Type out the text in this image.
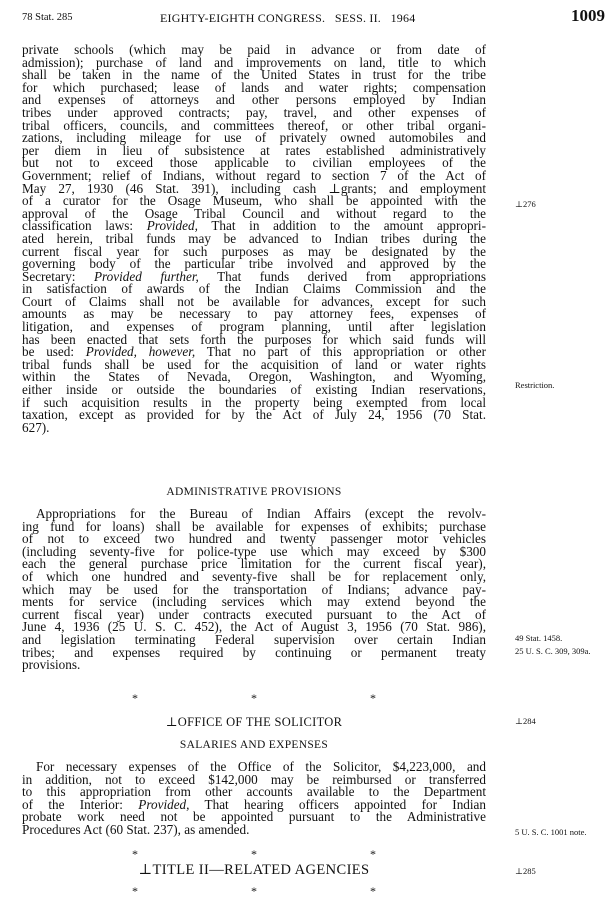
78 Stat. 285	EIGHTY-EIGHTH CONGRESS.   SESS. II.   1964	1009
private schools (which may be paid in advance or from date of
admission); purchase of land and improvements on land, title to which
shall be taken in the name of the United States in trust for the tribe
for which purchased; lease of lands and water rights; compensation
and expenses of attorneys and other persons employed by Indian
tribes under approved contracts; pay, travel, and other expenses of
tribal officers, councils, and committees thereof, or other tribal organi-
zations, including mileage for use of privately owned automobiles and
per diem in lieu of subsistence at rates established administratively
but not to exceed those applicable to civilian employees of the
Government; relief of Indians, without regard to section 7 of the Act of
May 27, 1930 (46 Stat. 391), including cash ⊥grants; and employment
of a curator for the Osage Museum, who shall be appointed with the
approval of the Osage Tribal Council and without regard to the
classification laws: Provided, That in addition to the amount appropri-
ated herein, tribal funds may be advanced to Indian tribes during the
current fiscal year for such purposes as may be designated by the
governing body of the particular tribe involved and approved by the
Secretary: Provided further, That funds derived from appropriations
in satisfaction of awards of the Indian Claims Commission and the
Court of Claims shall not be available for advances, except for such
amounts as may be necessary to pay attorney fees, expenses of
litigation, and expenses of program planning, until after legislation
has been enacted that sets forth the purposes for which said funds will
be used: Provided, however, That no part of this appropriation or other
tribal funds shall be used for the acquisition of land or water rights
within the States of Nevada, Oregon, Washington, and Wyoming,
either inside or outside the boundaries of existing Indian reservations,
if such acquisition results in the property being exempted from local
taxation, except as provided for by the Act of July 24, 1956 (70 Stat.
627).
ADMINISTRATIVE PROVISIONS
Appropriations for the Bureau of Indian Affairs (except the revolv-
ing fund for loans) shall be available for expenses of exhibits; purchase
of not to exceed two hundred and twenty passenger motor vehicles
(including seventy-five for police-type use which may exceed by $300
each the general purchase price limitation for the current fiscal year),
of which one hundred and seventy-five shall be for replacement only,
which may be used for the transportation of Indians; advance pay-
ments for service (including services which may extend beyond the
current fiscal year) under contracts executed pursuant to the Act of
June 4, 1936 (25 U. S. C. 452), the Act of August 3, 1956 (70 Stat. 986),
and legislation terminating Federal supervision over certain Indian
tribes; and expenses required by continuing or permanent treaty
provisions.
*	*	*
⊥OFFICE OF THE SOLICITOR
SALARIES AND EXPENSES
For necessary expenses of the Office of the Solicitor, $4,223,000, and
in addition, not to exceed $142,000 may be reimbursed or transferred
to this appropriation from other accounts available to the Department
of the Interior: Provided, That hearing officers appointed for Indian
probate work need not be appointed pursuant to the Administrative
Procedures Act (60 Stat. 237), as amended.
*	*	*
⊥TITLE II—RELATED AGENCIES
*	*	*
⊥276
Restriction.
49 Stat. 1458.
25 U. S. C. 309, 309a.
⊥284
5 U. S. C. 1001 note.
⊥285
